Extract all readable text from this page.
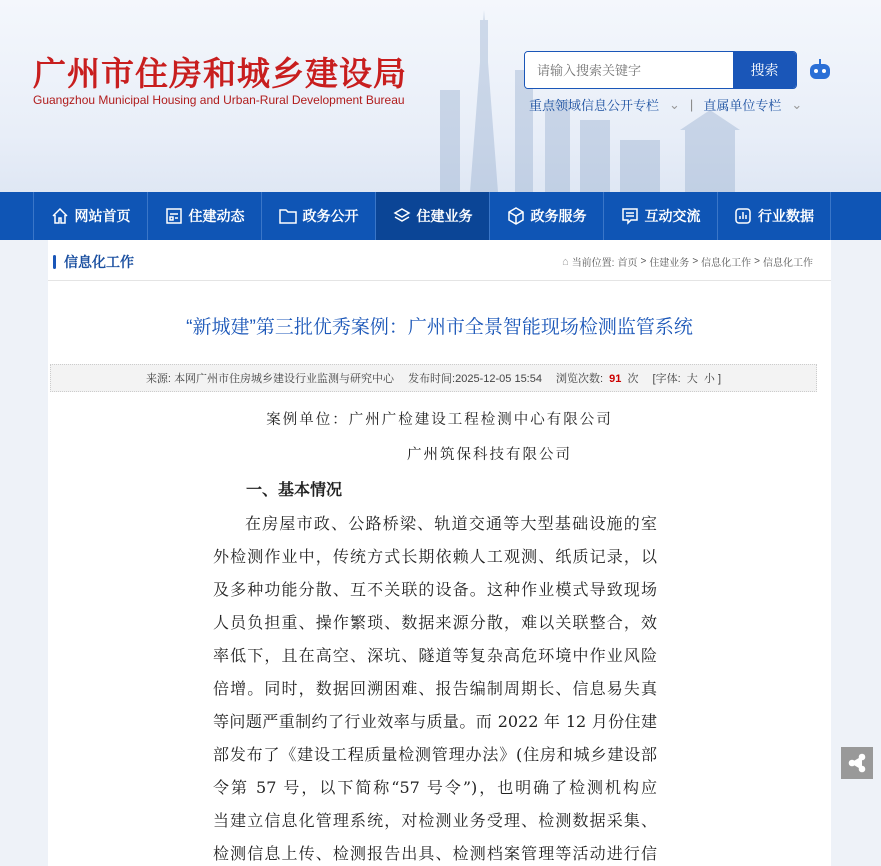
广州市住房和城乡建设局
Guangzhou Municipal Housing and Urban-Rural Development Bureau
请输入搜索关键字
搜索
重点领域信息公开专栏 ⌄ | 直属单位专栏 ⌄
网站首页	住建动态	政务公开	住建业务	政务服务	互动交流	行业数据
信息化工作	⌂ 当前位置: 首页 > 住建业务 > 信息化工作 > 信息化工作
“新城建”第三批优秀案例：广州市全景智能现场检测监管系统
来源: 本网广州市住房城乡建设行业监测与研究中心 发布时间:2025-12-05 15:54 浏览次数: 91 次 [字体: 大 小 ]
案例单位：广州广检建设工程检测中心有限公司
广州筑保科技有限公司
一、基本情况
在房屋市政、公路桥梁、轨道交通等大型基础设施的室
外检测作业中，传统方式长期依赖人工观测、纸质记录，以
及多种功能分散、互不关联的设备。这种作业模式导致现场
人员负担重、操作繁琐、数据来源分散，难以关联整合，效
率低下，且在高空、深坑、隧道等复杂高危环境中作业风险
倍增。同时，数据回溯困难、报告编制周期长、信息易失真
等问题严重制约了行业效率与质量。而 2022 年 12 月份住建
部发布了《建设工程质量检测管理办法》(住房和城乡建设部
令第 57 号，以下简称“57 号令”)，也明确了检测机构应
当建立信息化管理系统，对检测业务受理、检测数据采集、
检测信息上传、检测报告出具、检测档案管理等活动进行信
